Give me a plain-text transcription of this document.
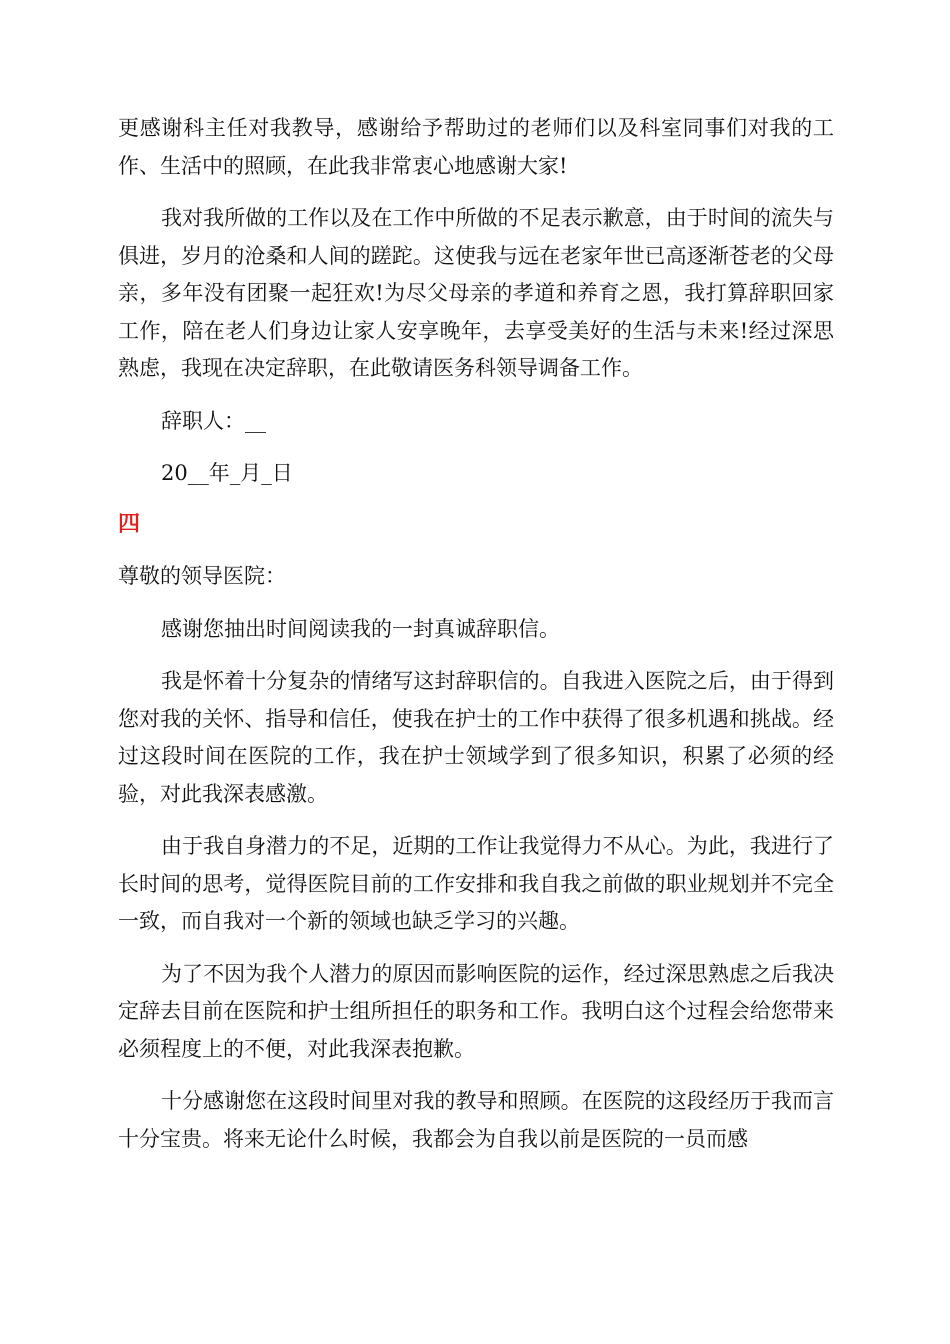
更感谢科主任对我教导，感谢给予帮助过的老师们以及科室同事们对我的工作、生活中的照顾，在此我非常衷心地感谢大家!

我对我所做的工作以及在工作中所做的不足表示歉意，由于时间的流失与俱进，岁月的沧桑和人间的蹉跎。这使我与远在老家年世已高逐渐苍老的父母亲，多年没有团聚一起狂欢!为尽父母亲的孝道和养育之恩，我打算辞职回家工作，陪在老人们身边让家人安享晚年，去享受美好的生活与未来!经过深思熟虑，我现在决定辞职，在此敬请医务科领导调备工作。

辞职人：__

20__年_月_日

四

尊敬的领导医院：

感谢您抽出时间阅读我的一封真诚辞职信。

我是怀着十分复杂的情绪写这封辞职信的。自我进入医院之后，由于得到您对我的关怀、指导和信任，使我在护士的工作中获得了很多机遇和挑战。经过这段时间在医院的工作，我在护士领域学到了很多知识，积累了必须的经验，对此我深表感激。

由于我自身潜力的不足，近期的工作让我觉得力不从心。为此，我进行了长时间的思考，觉得医院目前的工作安排和我自我之前做的职业规划并不完全一致，而自我对一个新的领域也缺乏学习的兴趣。

为了不因为我个人潜力的原因而影响医院的运作，经过深思熟虑之后我决定辞去目前在医院和护士组所担任的职务和工作。我明白这个过程会给您带来必须程度上的不便，对此我深表抱歉。

十分感谢您在这段时间里对我的教导和照顾。在医院的这段经历于我而言十分宝贵。将来无论什么时候，我都会为自我以前是医院的一员而感
